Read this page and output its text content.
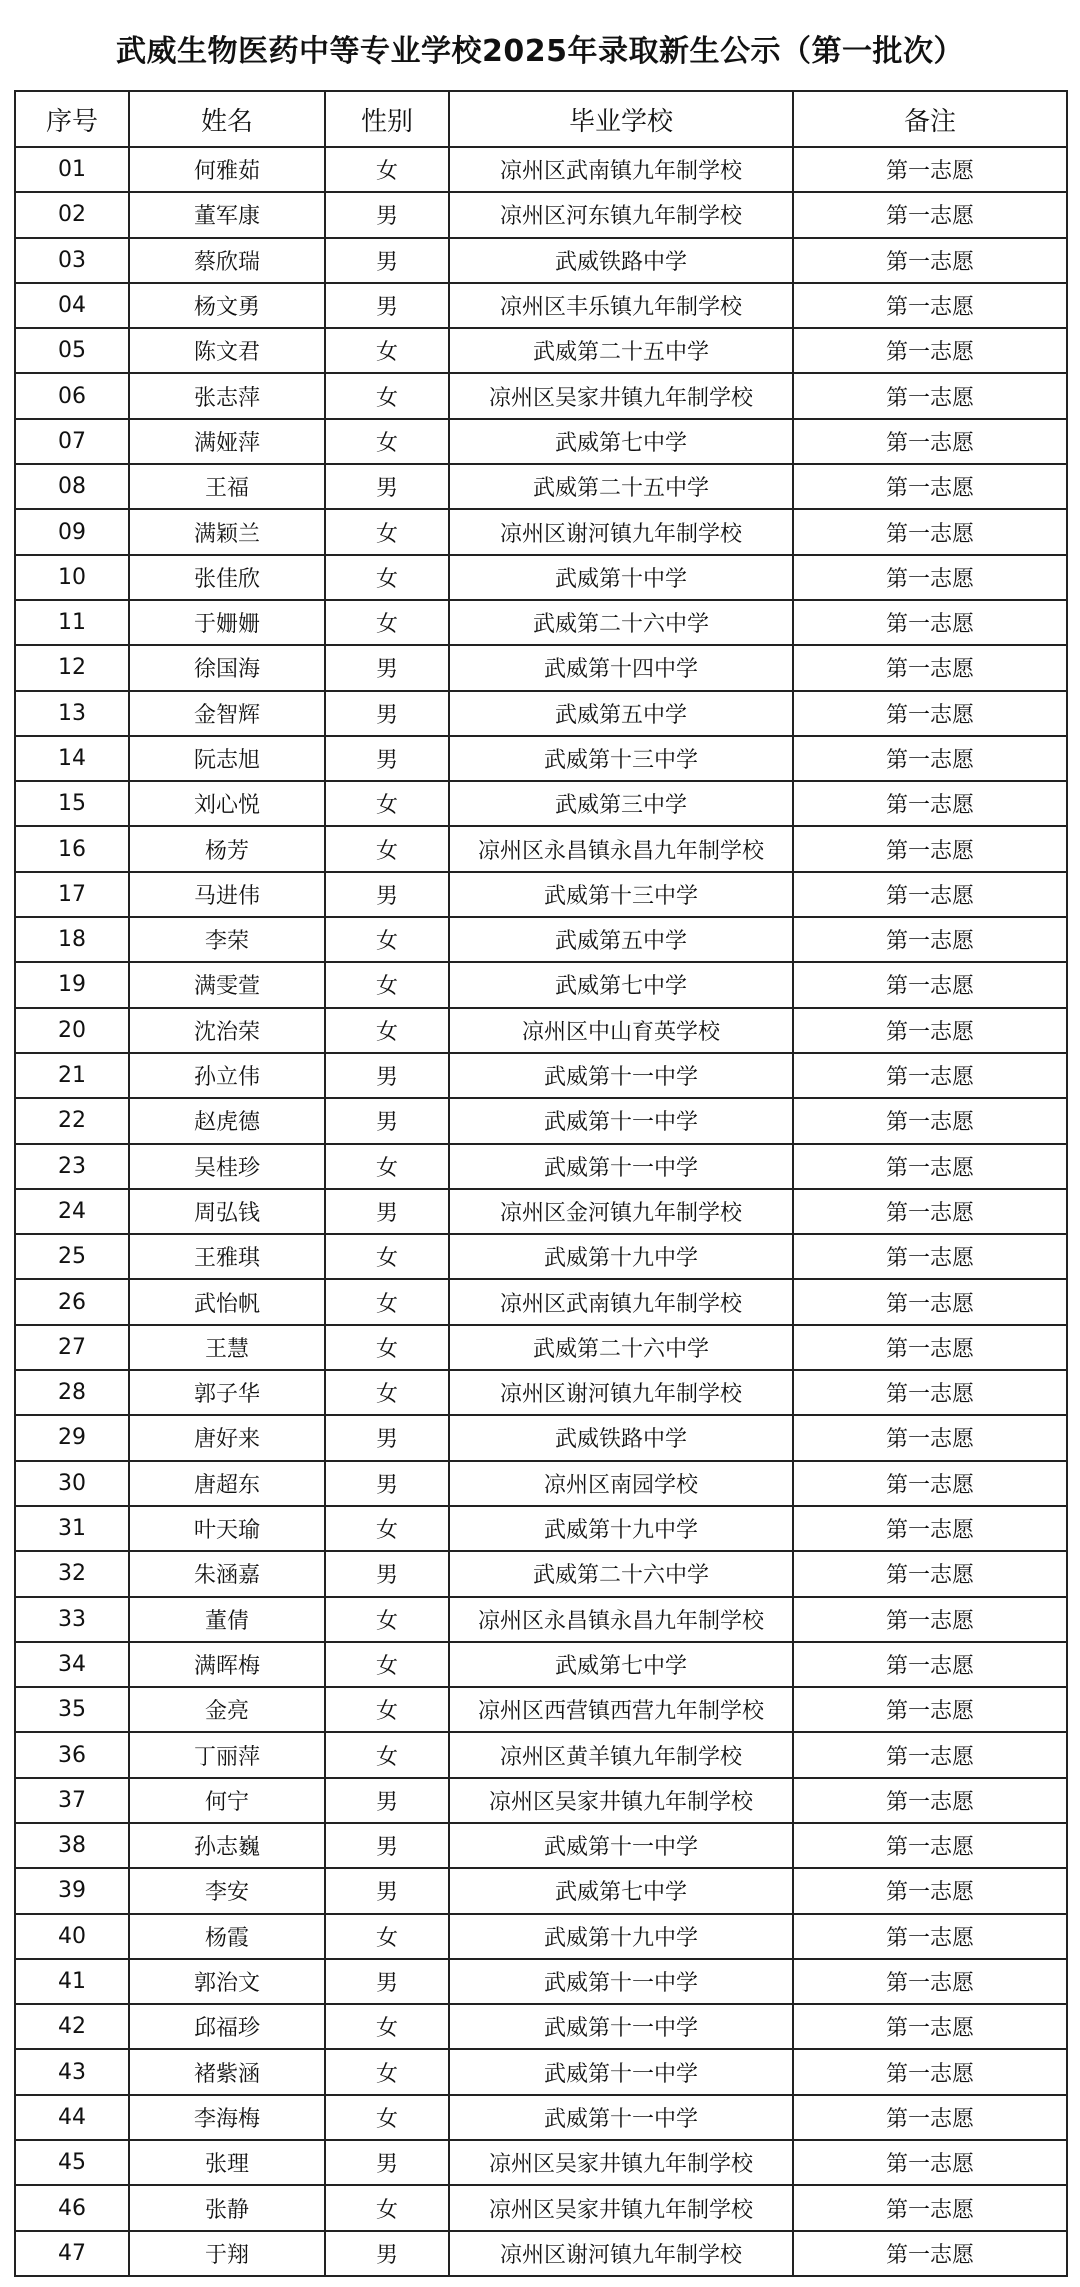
武威生物医药中等专业学校2025年录取新生公示（第一批次）
序号	姓名	性别	毕业学校	备注
01	何雅茹	女	凉州区武南镇九年制学校	第一志愿
02	董军康	男	凉州区河东镇九年制学校	第一志愿
03	蔡欣瑞	男	武威铁路中学	第一志愿
04	杨文勇	男	凉州区丰乐镇九年制学校	第一志愿
05	陈文君	女	武威第二十五中学	第一志愿
06	张志萍	女	凉州区吴家井镇九年制学校	第一志愿
07	满娅萍	女	武威第七中学	第一志愿
08	王福	男	武威第二十五中学	第一志愿
09	满颖兰	女	凉州区谢河镇九年制学校	第一志愿
10	张佳欣	女	武威第十中学	第一志愿
11	于姗姗	女	武威第二十六中学	第一志愿
12	徐国海	男	武威第十四中学	第一志愿
13	金智辉	男	武威第五中学	第一志愿
14	阮志旭	男	武威第十三中学	第一志愿
15	刘心悦	女	武威第三中学	第一志愿
16	杨芳	女	凉州区永昌镇永昌九年制学校	第一志愿
17	马进伟	男	武威第十三中学	第一志愿
18	李荣	女	武威第五中学	第一志愿
19	满雯萱	女	武威第七中学	第一志愿
20	沈治荣	女	凉州区中山育英学校	第一志愿
21	孙立伟	男	武威第十一中学	第一志愿
22	赵虎德	男	武威第十一中学	第一志愿
23	吴桂珍	女	武威第十一中学	第一志愿
24	周弘钱	男	凉州区金河镇九年制学校	第一志愿
25	王雅琪	女	武威第十九中学	第一志愿
26	武怡帆	女	凉州区武南镇九年制学校	第一志愿
27	王慧	女	武威第二十六中学	第一志愿
28	郭子华	女	凉州区谢河镇九年制学校	第一志愿
29	唐好来	男	武威铁路中学	第一志愿
30	唐超东	男	凉州区南园学校	第一志愿
31	叶天瑜	女	武威第十九中学	第一志愿
32	朱涵嘉	男	武威第二十六中学	第一志愿
33	董倩	女	凉州区永昌镇永昌九年制学校	第一志愿
34	满晖梅	女	武威第七中学	第一志愿
35	金亮	女	凉州区西营镇西营九年制学校	第一志愿
36	丁丽萍	女	凉州区黄羊镇九年制学校	第一志愿
37	何宁	男	凉州区吴家井镇九年制学校	第一志愿
38	孙志巍	男	武威第十一中学	第一志愿
39	李安	男	武威第七中学	第一志愿
40	杨霞	女	武威第十九中学	第一志愿
41	郭治文	男	武威第十一中学	第一志愿
42	邱福珍	女	武威第十一中学	第一志愿
43	褚紫涵	女	武威第十一中学	第一志愿
44	李海梅	女	武威第十一中学	第一志愿
45	张理	男	凉州区吴家井镇九年制学校	第一志愿
46	张静	女	凉州区吴家井镇九年制学校	第一志愿
47	于翔	男	凉州区谢河镇九年制学校	第一志愿
